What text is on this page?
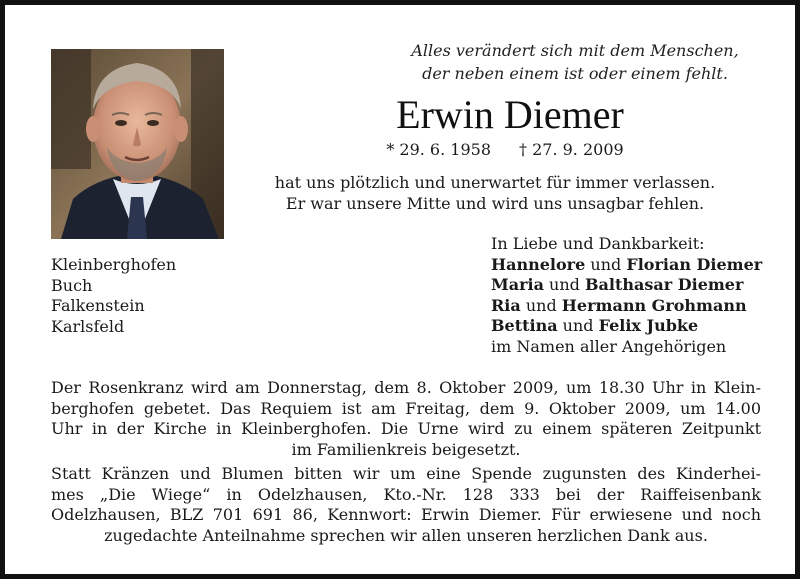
Alles verändert sich mit dem Menschen,
der neben einem ist oder einem fehlt.
Erwin Diemer
* 29. 6. 1958 † 27. 9. 2009
hat uns plötzlich und unerwartet für immer verlassen.
Er war unsere Mitte und wird uns unsagbar fehlen.
Kleinberghofen
Buch
Falkenstein
Karlsfeld
In Liebe und Dankbarkeit:
Hannelore und Florian Diemer
Maria und Balthasar Diemer
Ria und Hermann Grohmann
Bettina und Felix Jubke
im Namen aller Angehörigen
Der Rosenkranz wird am Donnerstag, dem 8. Oktober 2009, um 18.30 Uhr in Klein-
berghofen gebetet. Das Requiem ist am Freitag, dem 9. Oktober 2009, um 14.00
Uhr in der Kirche in Kleinberghofen. Die Urne wird zu einem späteren Zeitpunkt
im Familienkreis beigesetzt.
Statt Kränzen und Blumen bitten wir um eine Spende zugunsten des Kinderhei-
mes „Die Wiege“ in Odelzhausen, Kto.-Nr. 128 333 bei der Raiffeisenbank
Odelzhausen, BLZ 701 691 86, Kennwort: Erwin Diemer. Für erwiesene und noch
zugedachte Anteilnahme sprechen wir allen unseren herzlichen Dank aus.
